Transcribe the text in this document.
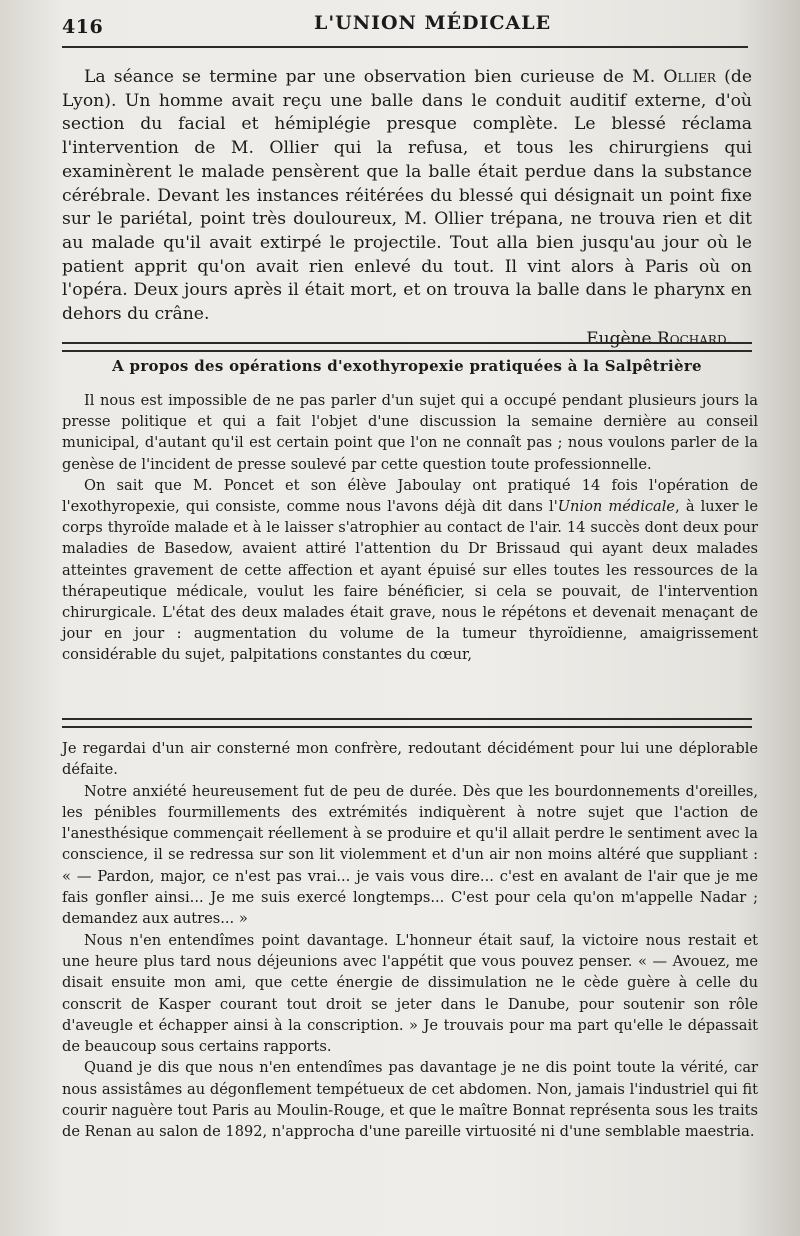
416	L'UNION MÉDICALE

La séance se termine par une observation bien curieuse de M. Ollier (de Lyon). Un homme avait reçu une balle dans le conduit auditif externe, d'où section du facial et hémiplégie presque complète. Le blessé réclama l'intervention de M. Ollier qui la refusa, et tous les chirurgiens qui examinèrent le malade pensèrent que la balle était perdue dans la substance cérébrale. Devant les instances réitérées du blessé qui désignait un point fixe sur le pariétal, point très douloureux, M. Ollier trépana, ne trouva rien et dit au malade qu'il avait extirpé le projectile. Tout alla bien jusqu'au jour où le patient apprit qu'on avait rien enlevé du tout. Il vint alors à Paris où on l'opéra. Deux jours après il était mort, et on trouva la balle dans le pharynx en dehors du crâne.

Eugène Rochard.

A propos des opérations d'exothyropexie pratiquées à la Salpêtrière

Il nous est impossible de ne pas parler d'un sujet qui a occupé pendant plusieurs jours la presse politique et qui a fait l'objet d'une discussion la semaine dernière au conseil municipal, d'autant qu'il est certain point que l'on ne connaît pas ; nous voulons parler de la genèse de l'incident de presse soulevé par cette question toute professionnelle.

On sait que M. Poncet et son élève Jaboulay ont pratiqué 14 fois l'opération de l'exothyropexie, qui consiste, comme nous l'avons déjà dit dans l'Union médicale, à luxer le corps thyroïde malade et à le laisser s'atrophier au contact de l'air. 14 succès dont deux pour maladies de Basedow, avaient attiré l'attention du Dr Brissaud qui ayant deux malades atteintes gravement de cette affection et ayant épuisé sur elles toutes les ressources de la thérapeutique médicale, voulut les faire bénéficier, si cela se pouvait, de l'intervention chirurgicale. L'état des deux malades était grave, nous le répétons et devenait menaçant de jour en jour : augmentation du volume de la tumeur thyroïdienne, amaigrissement considérable du sujet, palpitations constantes du cœur,

Je regardai d'un air consterné mon confrère, redoutant décidément pour lui une déplorable défaite.

Notre anxiété heureusement fut de peu de durée. Dès que les bourdonnements d'oreilles, les pénibles fourmillements des extrémités indiquèrent à notre sujet que l'action de l'anesthésique commençait réellement à se produire et qu'il allait perdre le sentiment avec la conscience, il se redressa sur son lit violemment et d'un air non moins altéré que suppliant : « — Pardon, major, ce n'est pas vrai... je vais vous dire... c'est en avalant de l'air que je me fais gonfler ainsi... Je me suis exercé longtemps... C'est pour cela qu'on m'appelle Nadar ; demandez aux autres... »

Nous n'en entendîmes point davantage. L'honneur était sauf, la victoire nous restait et une heure plus tard nous déjeunions avec l'appétit que vous pouvez penser. « — Avouez, me disait ensuite mon ami, que cette énergie de dissimulation ne le cède guère à celle du conscrit de Kasper courant tout droit se jeter dans le Danube, pour soutenir son rôle d'aveugle et échapper ainsi à la conscription. » Je trouvais pour ma part qu'elle le dépassait de beaucoup sous certains rapports.

Quand je dis que nous n'en entendîmes pas davantage je ne dis point toute la vérité, car nous assistâmes au dégonflement tempétueux de cet abdomen. Non, jamais l'industriel qui fit courir naguère tout Paris au Moulin-Rouge, et que le maître Bonnat représenta sous les traits de Renan au salon de 1892, n'approcha d'une pareille virtuosité ni d'une semblable maestria.
